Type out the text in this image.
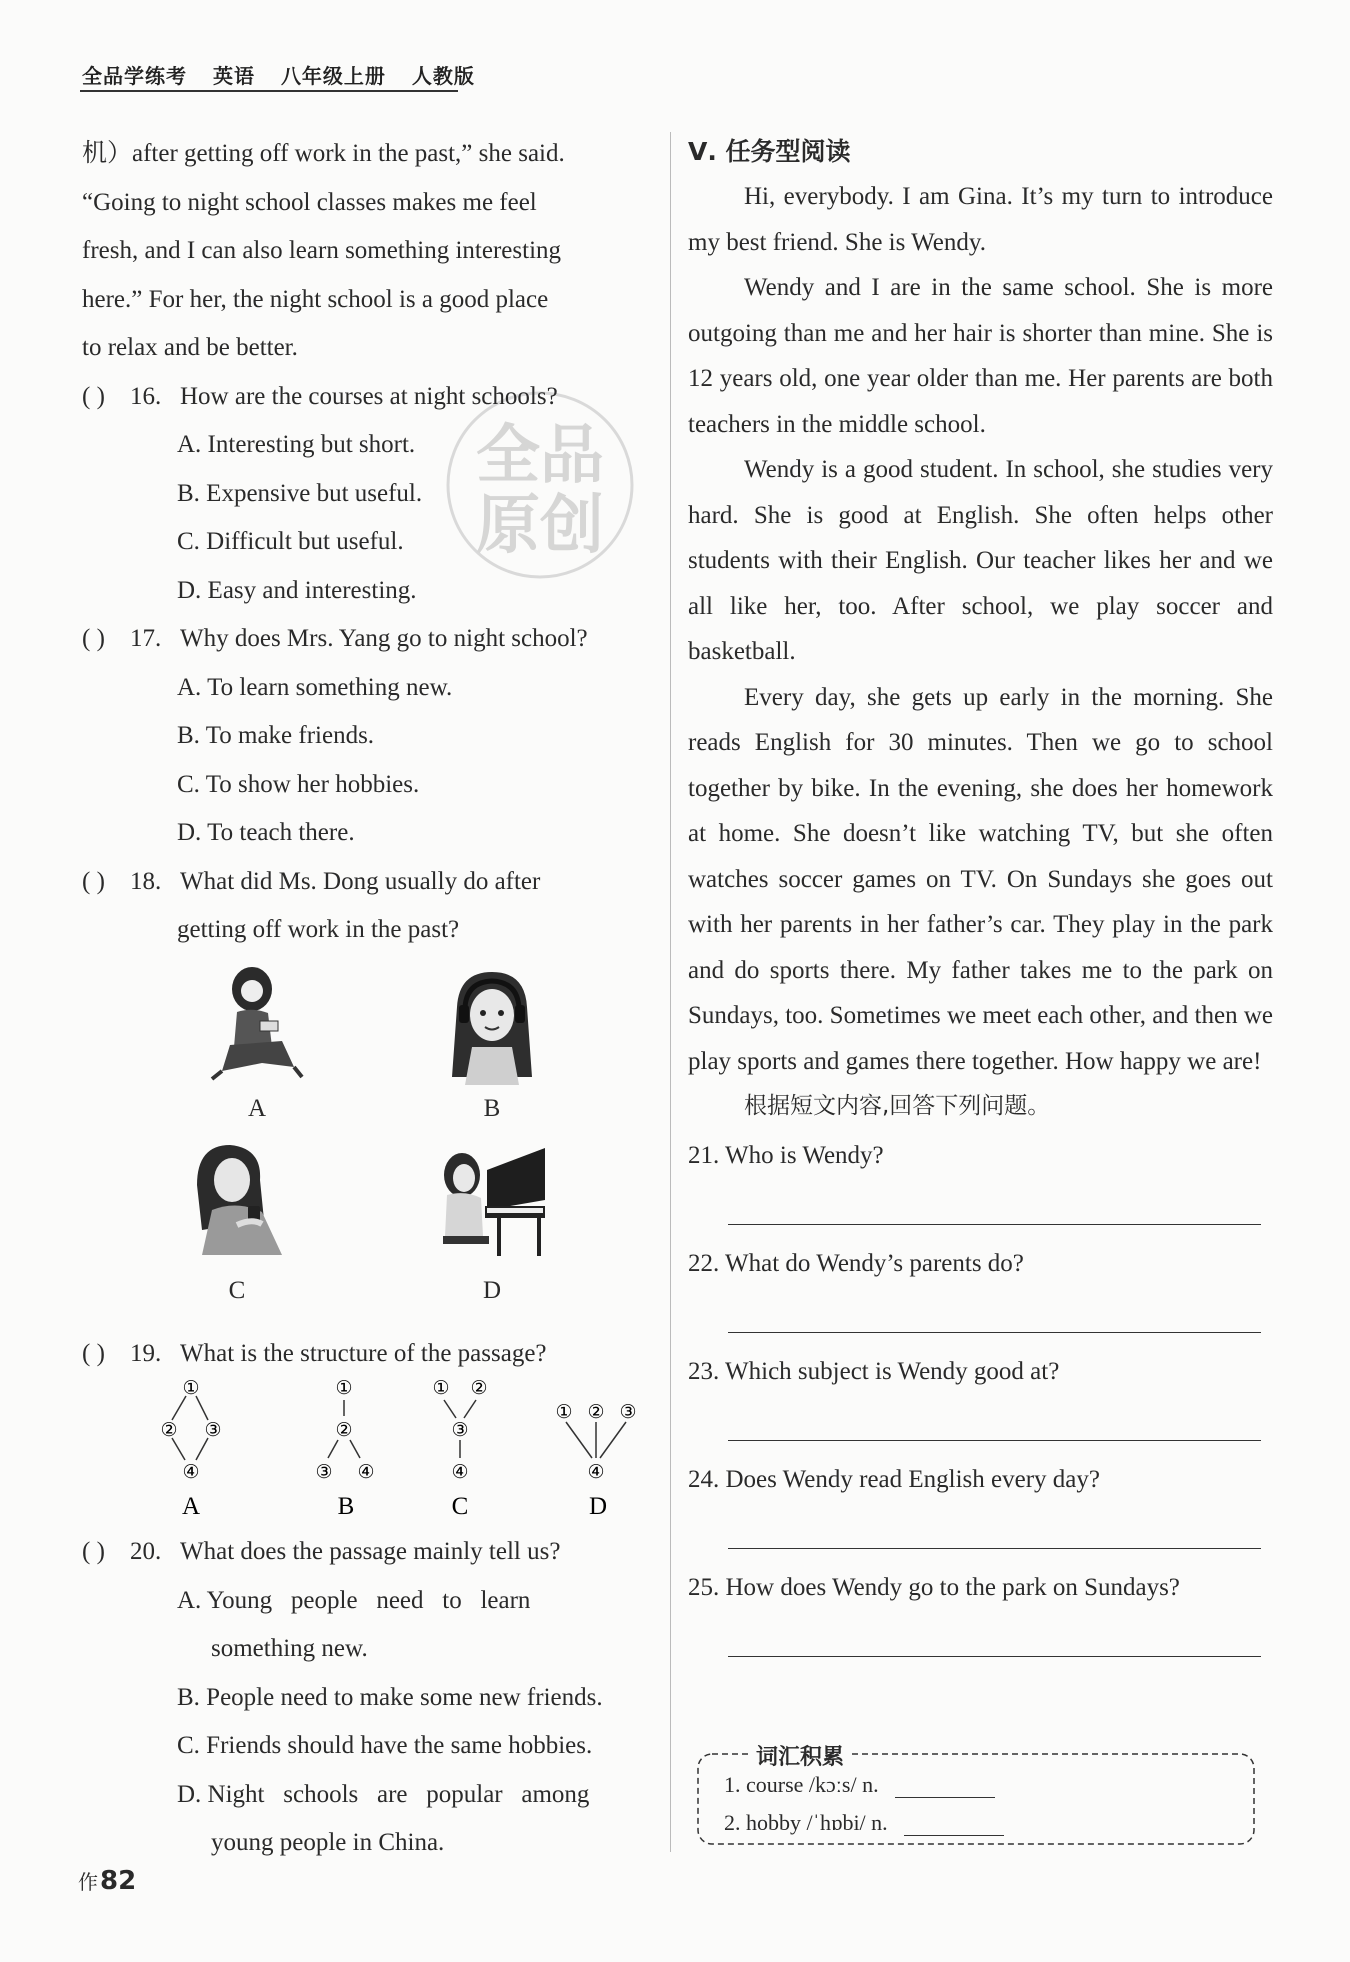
全品学练考 英语 八年级上册 人教版
全品
原创
机）after getting off work in the past,” she said.
“Going to night school classes makes me feel
fresh, and I can also learn something interesting
here.” For her, the night school is a good place
to relax and be better.
( ) 16. How are the courses at night schools?
A. Interesting but short.
B. Expensive but useful.
C. Difficult but useful.
D. Easy and interesting.
( ) 17. Why does Mrs. Yang go to night school?
A. To learn something new.
B. To make friends.
C. To show her hobbies.
D. To teach there.
( ) 18. What did Ms. Dong usually do after
getting off work in the past?
A	B
C	D
( ) 19. What is the structure of the passage?
①
② ③
④
A
①
②
③ ④
B
① ②
③
④
C
① ② ③
④
D
( ) 20. What does the passage mainly tell us?
A. Young   people   need   to   learn
something new.
B. People need to make some new friends.
C. Friends should have the same hobbies.
D. Night   schools   are   popular   among
young people in China.
Ⅴ. 任务型阅读
Hi, everybody. I am Gina. It’s my turn to introduce my best friend. She is Wendy.
Wendy and I are in the same school. She is more outgoing than me and her hair is shorter than mine. She is 12 years old, one year older than me. Her parents are both teachers in the middle school.
Wendy is a good student. In school, she studies very hard. She is good at English. She often helps other students with their English. Our teacher likes her and we all like her, too. After school, we play soccer and basketball.
Every day, she gets up early in the morning. She reads English for 30 minutes. Then we go to school together by bike. In the evening, she does her homework at home. She doesn’t like watching TV, but she often watches soccer games on TV. On Sundays she goes out with her parents in her father’s car. They play in the park and do sports there. My father takes me to the park on Sundays, too. Sometimes we meet each other, and then we play sports and games there together. How happy we are!
根据短文内容,回答下列问题。
21. Who is Wendy?
22. What do Wendy’s parents do?
23. Which subject is Wendy good at?
24. Does Wendy read English every day?
25. How does Wendy go to the park on Sundays?
词汇积累
1. course /kɔːs/ n.
2. hobby /ˈhɒbi/ n.
作82
